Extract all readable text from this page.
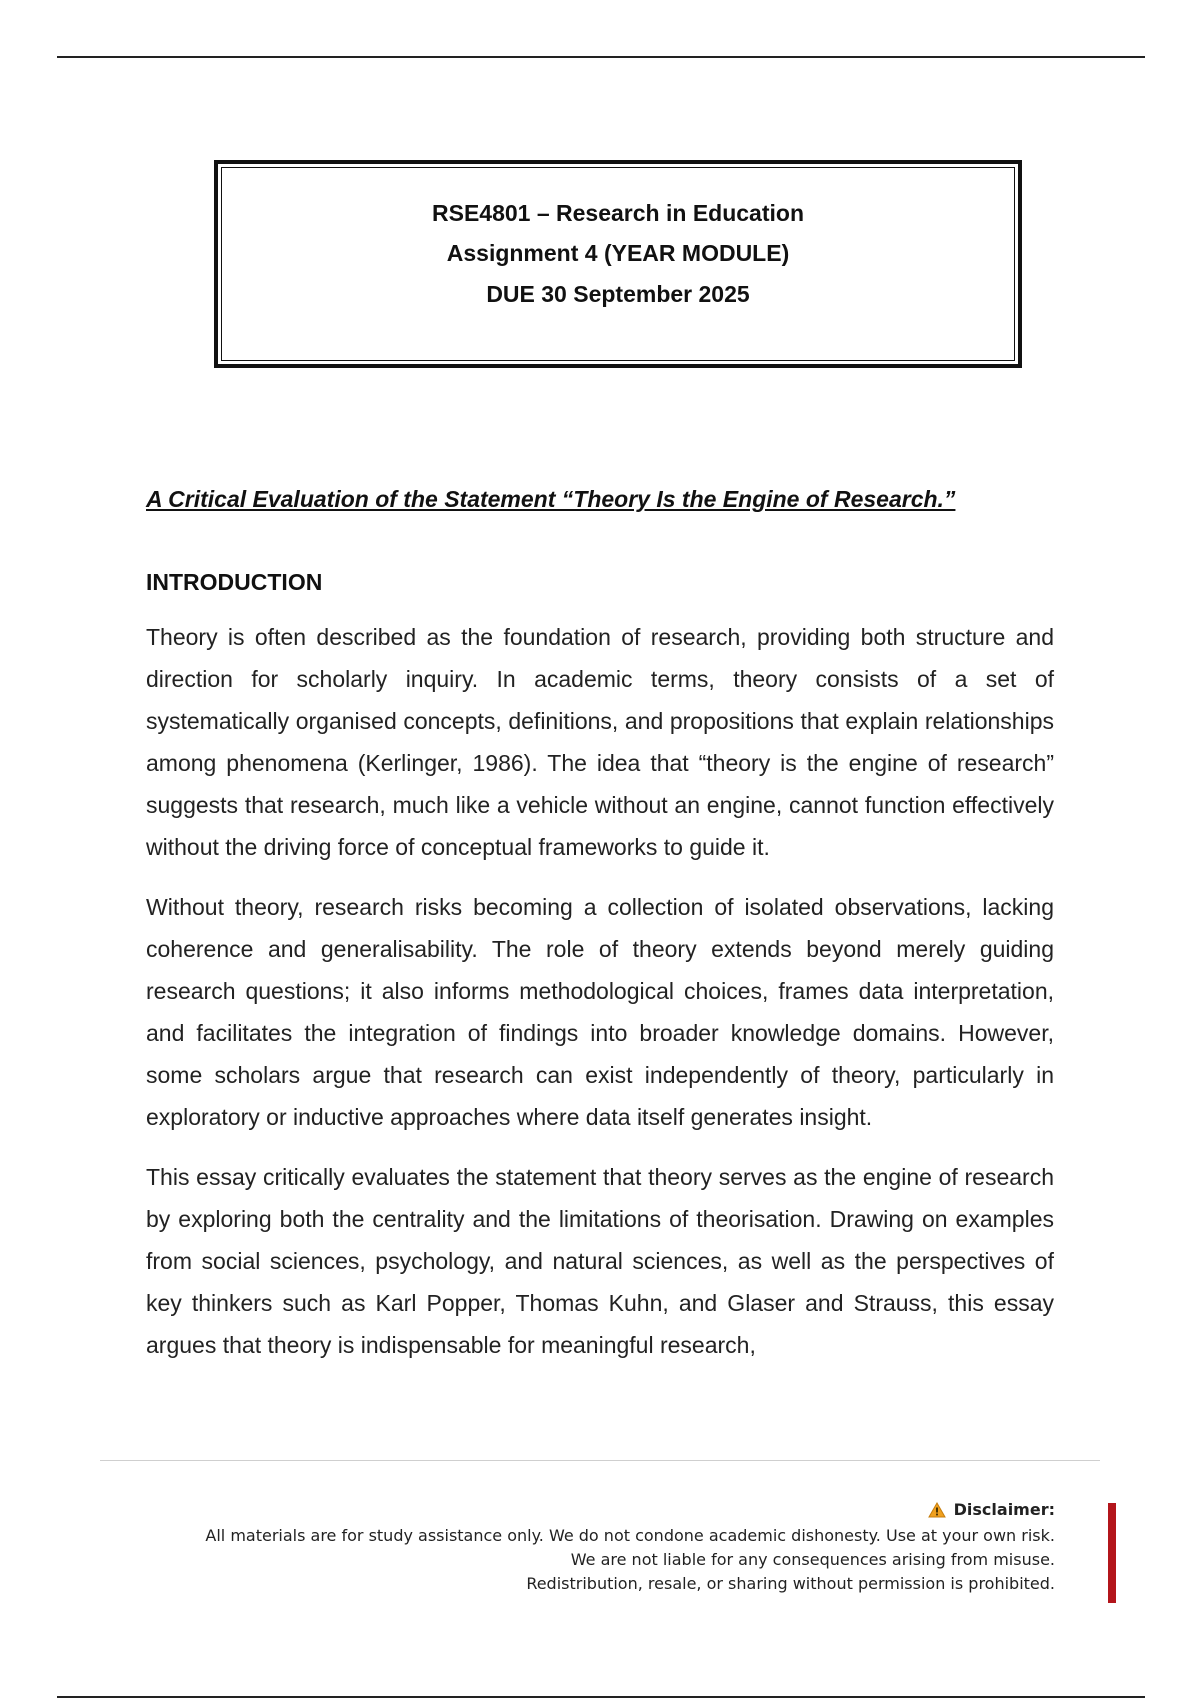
RSE4801 – Research in Education
Assignment 4 (YEAR MODULE)
DUE 30 September 2025
A Critical Evaluation of the Statement “Theory Is the Engine of Research.”
INTRODUCTION

Theory is often described as the foundation of research, providing both structure and direction for scholarly inquiry. In academic terms, theory consists of a set of systematically organised concepts, definitions, and propositions that explain relationships among phenomena (Kerlinger, 1986). The idea that “theory is the engine of research” suggests that research, much like a vehicle without an engine, cannot function effectively without the driving force of conceptual frameworks to guide it.

Without theory, research risks becoming a collection of isolated observations, lacking coherence and generalisability. The role of theory extends beyond merely guiding research questions; it also informs methodological choices, frames data interpretation, and facilitates the integration of findings into broader knowledge domains. However, some scholars argue that research can exist independently of theory, particularly in exploratory or inductive approaches where data itself generates insight.

This essay critically evaluates the statement that theory serves as the engine of research by exploring both the centrality and the limitations of theorisation. Drawing on examples from social sciences, psychology, and natural sciences, as well as the perspectives of key thinkers such as Karl Popper, Thomas Kuhn, and Glaser and Strauss, this essay argues that theory is indispensable for meaningful research,

Disclaimer:
All materials are for study assistance only. We do not condone academic dishonesty. Use at your own risk.
We are not liable for any consequences arising from misuse.
Redistribution, resale, or sharing without permission is prohibited.
